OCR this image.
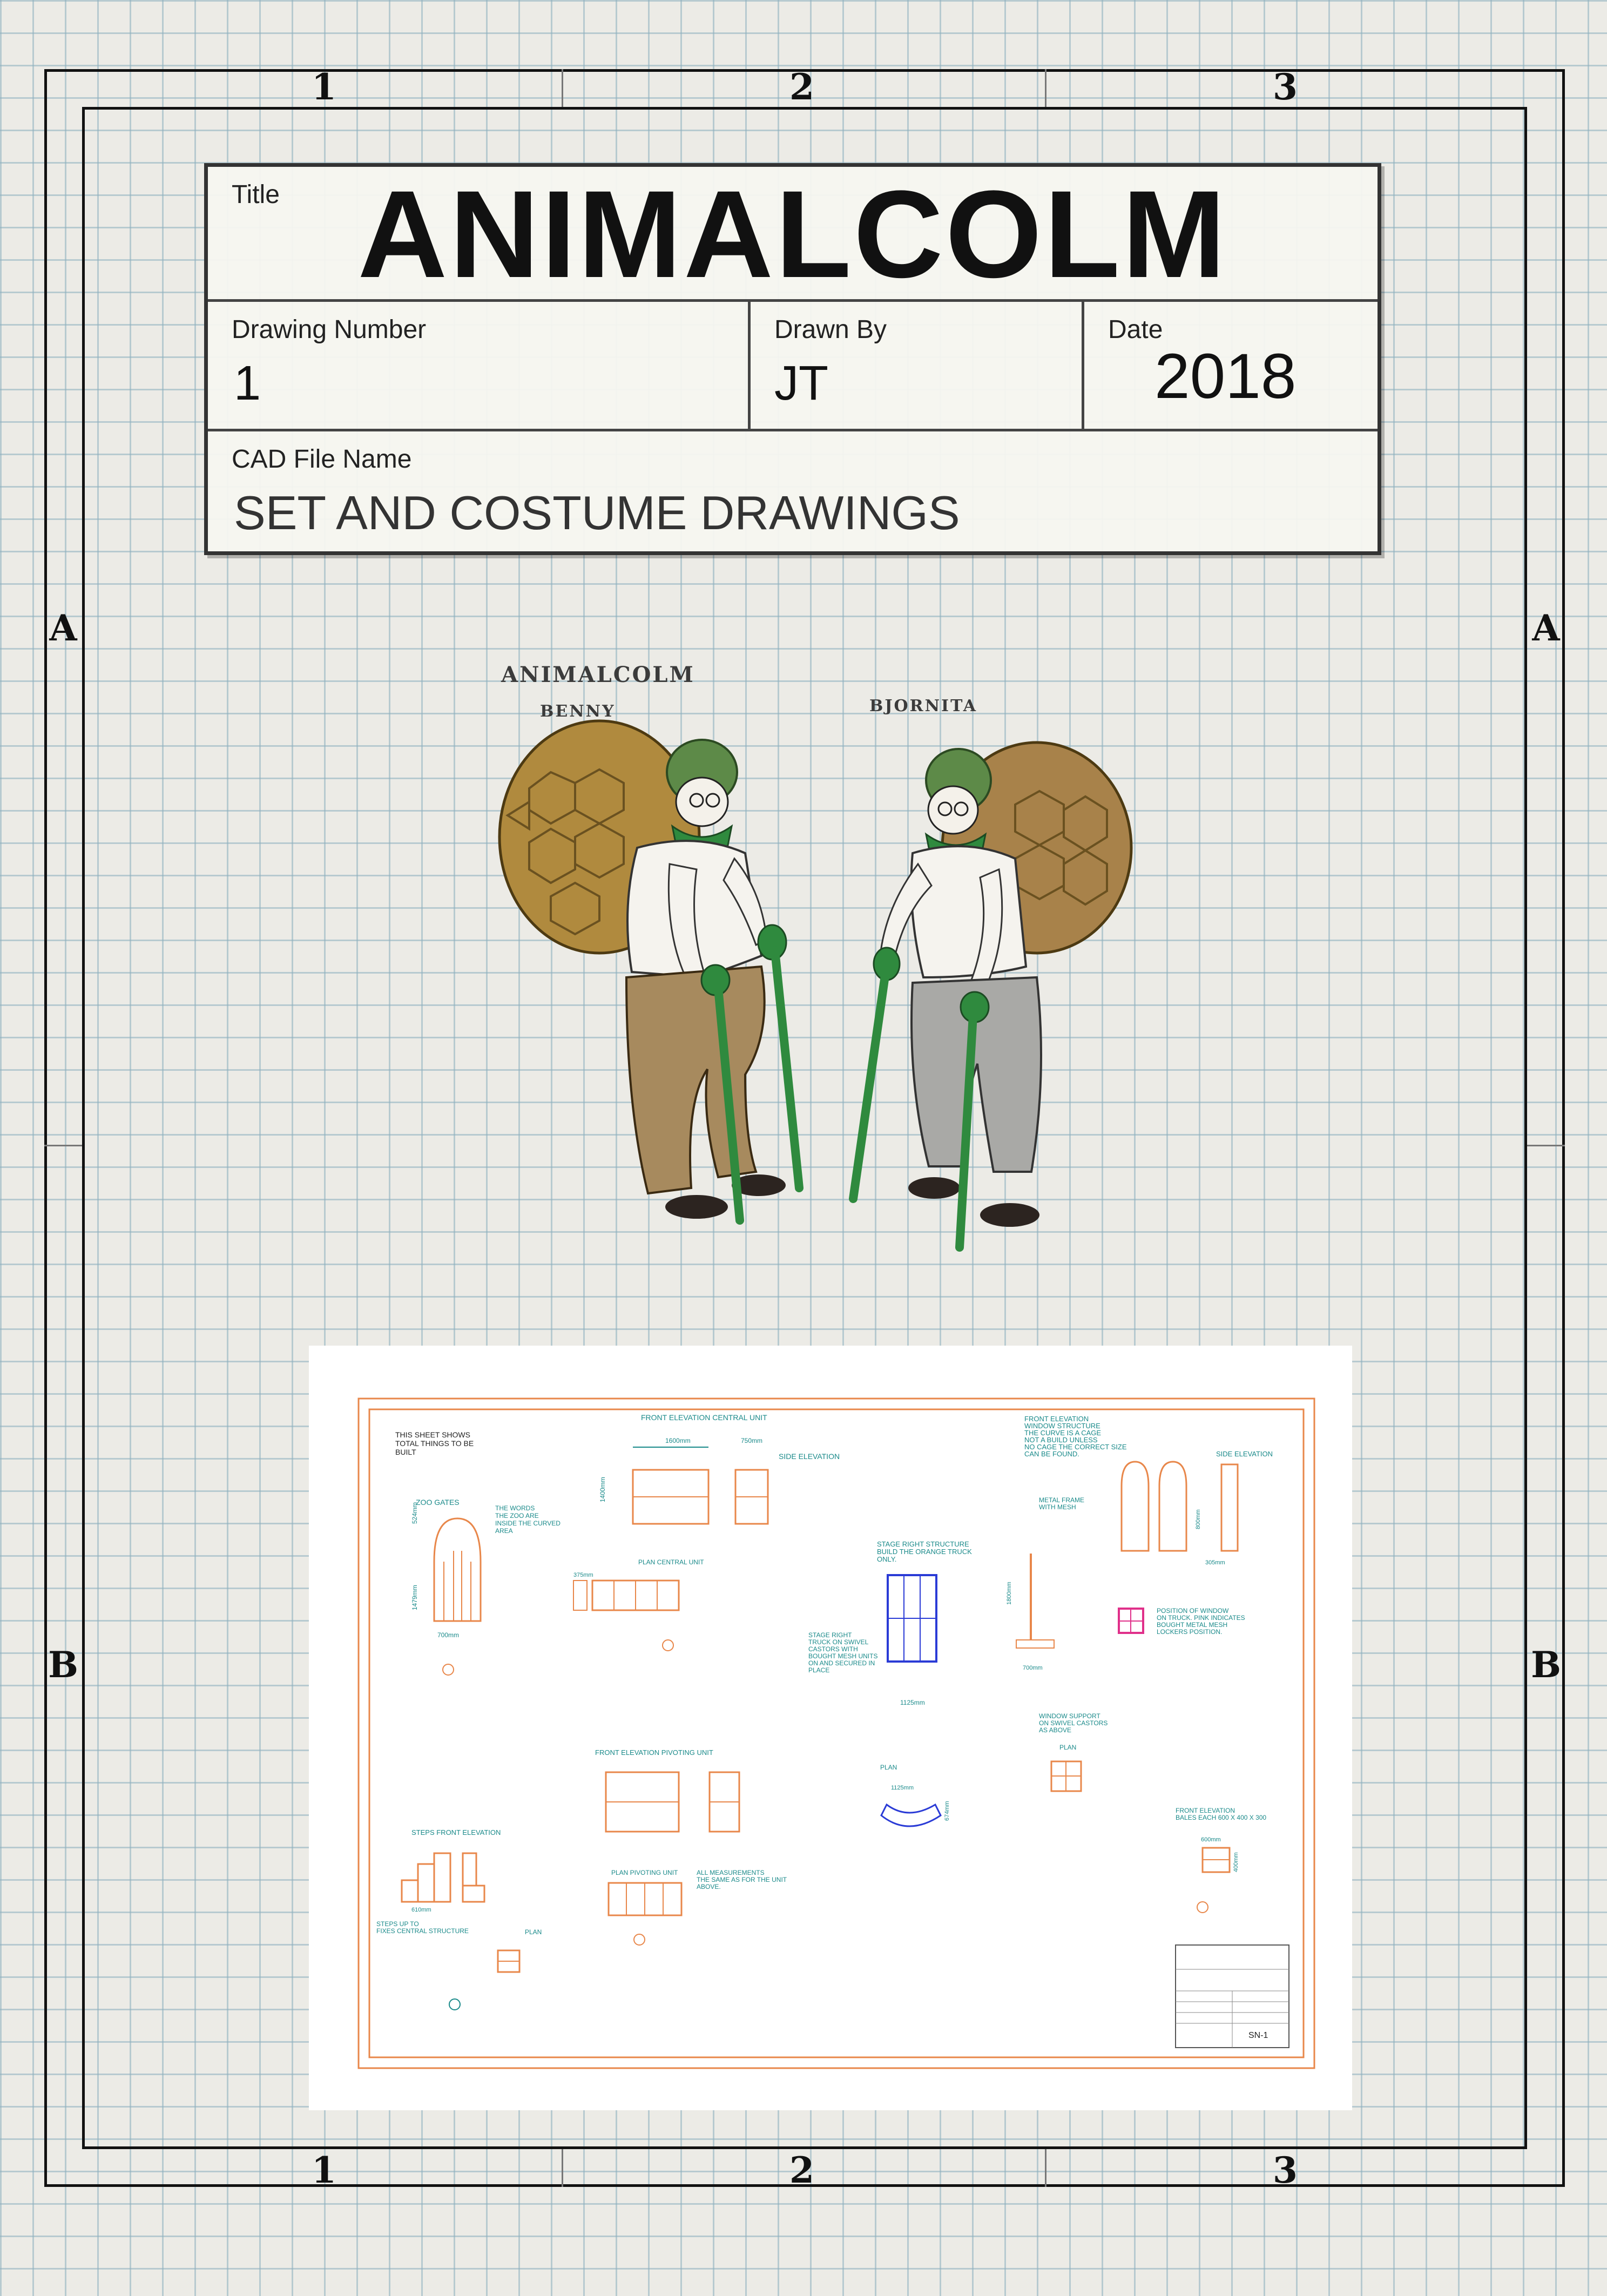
1	2	3
1	2	3
A	A
B	B
Title ANIMALCOLM
Drawing Number
1
Drawn By
JT
Date
2018
CAD File Name
SET AND COSTUME DRAWINGS
ANIMALCOLM
BENNY	BJORNITA
THIS SHEET SHOWS TOTAL THINGS TO BE BUILT
FRONT ELEVATION CENTRAL UNIT
1600mm
1400mm
750mm
SIDE ELEVATION
ZOO GATES
THE WORDS THE ZOO ARE INSIDE THE CURVED AREA
700mm
524mm
1479mm
PLAN CENTRAL UNIT
375mm
STAGE RIGHT STRUCTURE BUILD THE ORANGE TRUCK ONLY.
STAGE RIGHT TRUCK ON SWIVEL CASTORS WITH BOUGHT MESH UNITS ON AND SECURED IN PLACE
1125mm
FRONT ELEVATION WINDOW STRUCTURE THE CURVE IS A CAGE NOT A BUILD UNLESS NO CAGE THE CORRECT SIZE CAN BE FOUND.	SIDE ELEVATION
METAL FRAME WITH MESH
305mm
800mm
700mm
1800mm
POSITION OF WINDOW ON TRUCK. PINK INDICATES BOUGHT METAL MESH LOCKERS POSITION.
WINDOW SUPPORT ON SWIVEL CASTORS AS ABOVE
PLAN
PLAN
1125mm
674mm
FRONT ELEVATION PIVOTING UNIT
PLAN PIVOTING UNIT	ALL MEASUREMENTS THE SAME AS FOR THE UNIT ABOVE.
STEPS FRONT ELEVATION
610mm
STEPS UP TO FIXES CENTRAL STRUCTURE	PLAN
FRONT ELEVATION BALES EACH 600 X 400 X 300
600mm
400mm
SN-1
